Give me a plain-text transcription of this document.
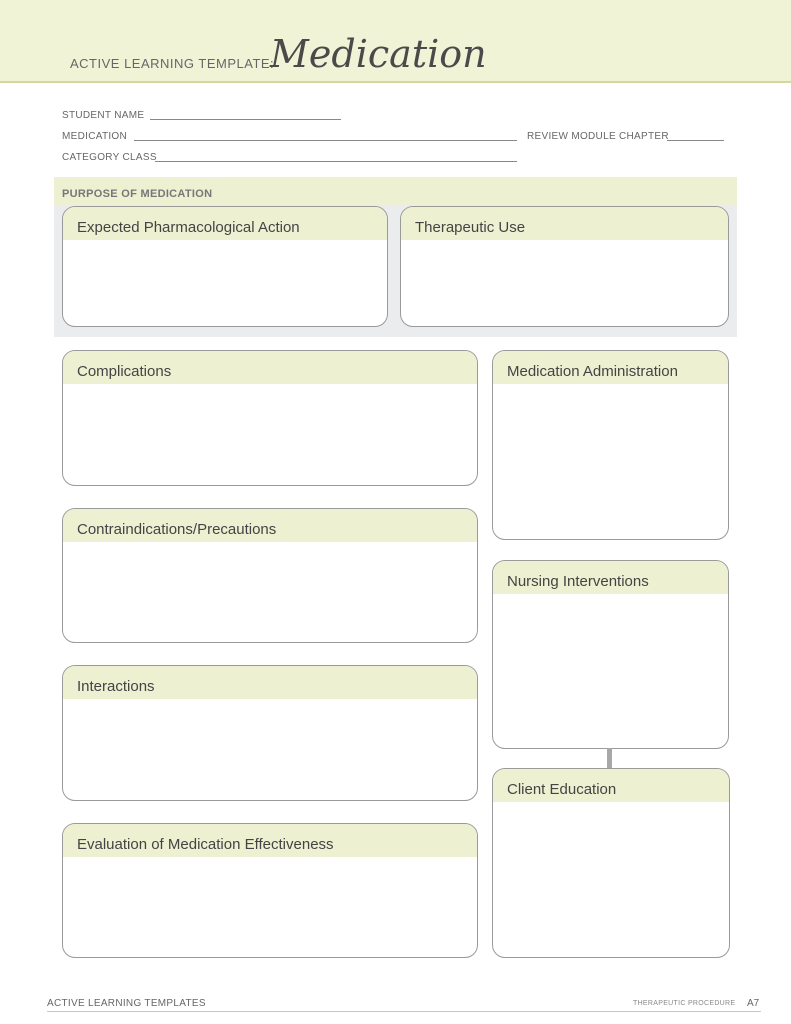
ACTIVE LEARNING TEMPLATE:
Medication
STUDENT NAME
MEDICATION	REVIEW MODULE CHAPTER
CATEGORY CLASS
PURPOSE OF MEDICATION
Expected Pharmacological Action	Therapeutic Use
Complications
Contraindications/Precautions
Interactions
Evaluation of Medication Effectiveness
Medication Administration
Nursing Interventions
Client Education
ACTIVE LEARNING TEMPLATES	THERAPEUTIC PROCEDURE A7
